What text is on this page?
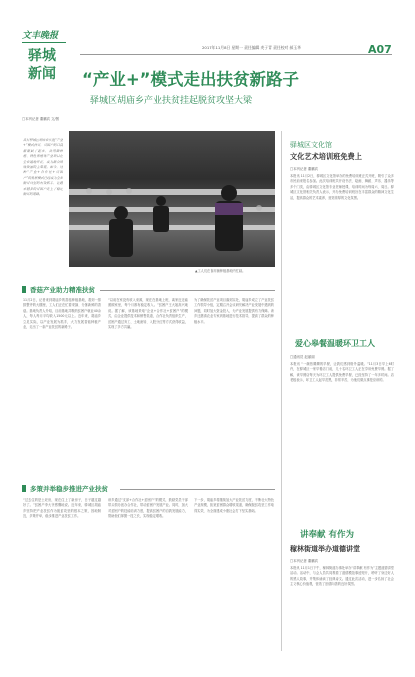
文丰晚报
驿城
新闻
2017年11月8日 星期一 责任编辑 麦子青 责任校对 郝玉华	A07
“产业+”模式走出扶贫新路子
驿城区胡庙乡产业扶贫挂起脱贫攻坚大梁
□本刊记者 董鹏宾 文/图
自打驿城区胡庙乡实施“产业+”模式扶贫，贫困户的口袋渐渐鼓了起来，食用菌种植、特色养殖等产业项目在全乡遍地开花，成为群众增收致富的主渠道。如今，这种“产业+合作社+贫困户”的发展模式已经成为全乡脱贫攻坚的有效抓手，让越来越多的贫困户走上了稳定脱贫的道路。
▲工人们在食用菌种植基地内忙碌。
香菇产业助力精准扶贫
11月2日，记者来到胡庙乡的香菇种植基地，看到一排排整齐的大棚里，工人们正在忙着采摘、分拣新鲜的香菇。基地负责人介绍，目前基地共吸纳贫困户就业40余人，每人每月平均收入1500元以上。近年来，胡庙乡立足实际，以产业发展为抓手，大力发展香菇种植产业，走出了一条产业扶贫的新路子。
“以前在家没有收入来源，现在在基地上班，离家近还能照顾家里，每个月都有稳定收入。”贫困户王大姐高兴地说。据了解，该基地采取“企业+合作社+贫困户”的模式，由企业提供技术和销售渠道，合作社负责组织生产，贫困户通过务工、土地流转、入股分红等方式获得收益，实现了多方共赢。
为了确保扶贫产业项目落到实处，胡庙乡成立了产业扶贫工作领导小组，定期召开会议研究解决产业发展中遇到的问题，同时加大资金投入，为产业发展提供有力保障。该乡还邀请农业专家到基地进行技术指导，提高了群众的种植水平。
多策并举稳步推进产业扶贫
“过去住的是土坯房，现在住上了新房子，日子越过越好了。”贫困户李大爷感慨地说。近年来，驿城区胡庙乡坚持把产业扶贫作为脱贫攻坚的根本之策，因地制宜，多策并举，稳步推进产业扶贫工作。
该乡通过“支部+合作社+贫困户”的模式，鼓励党员干部带头领办创办合作社，带动贫困户发展产业。同时，加大对贫困户的技能培训力度，提高贫困户的自我发展能力，帮助他们掌握一技之长，实现稳定增收。
下一步，胡庙乡将继续加大产业扶贫力度，不断壮大特色产业规模，拓宽贫困群众增收渠道，确保脱贫攻坚工作取得实效，为全面建成小康社会打下坚实基础。
驿城区文化馆
文化艺术培训班免费上
□本刊记者 董鹏宾
本报讯 11月2日，驿城区文化馆举办的免费培训班正式开班，吸引了众多市民前来报名参加。此次培训班共开设书法、绘画、舞蹈、声乐、器乐等多个门类，由驿城区文化馆专业老师授课，培训时间为每周六、周日。驿城区文化馆相关负责人表示，开办免费培训班旨在丰富群众的精神文化生活，提高群众的艺术素养，营造浓厚的文化氛围。
爱心皋餐温暖环卫工人
□通讯员 赵丽丽
本报讯 “一碗热腾腾的早餐，让我们感到格外温暖。”11月3日早上6时许，在驿城区一家早餐店门前，几十名环卫工人正在享用免费早餐。据了解，该早餐店每天为环卫工人提供免费早餐，已经坚持了一年多时间。店老板表示，环卫工人起早贪黑，非常辛苦，为他们做点事是应该的。
讲奉献 有作为
稼林街道举办道德讲堂
□本刊记者 董鹏宾
本报讯 11月1日下午，稼林街道办事处举办“讲奉献 有作为”主题道德讲堂活动。活动中，与会人员共同观看了道德模范事迹短片，聆听了身边好人的感人故事，并集体诵读了经典诗文。通过此次活动，进一步弘扬了社会主义核心价值观，营造了崇德向善的良好氛围。
